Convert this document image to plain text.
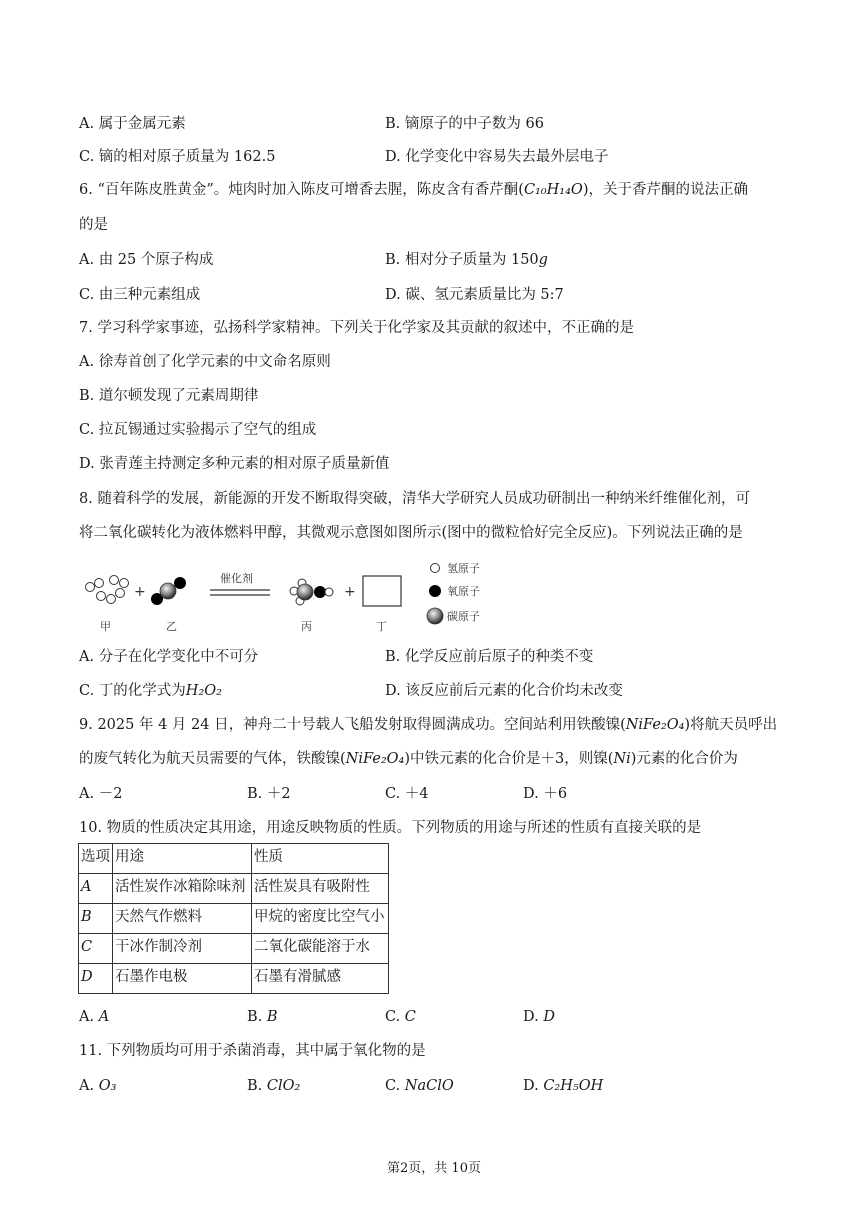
A. 属于金属元素	B. 镝原子的中子数为 66
C. 镝的相对原子质量为 162.5	D. 化学变化中容易失去最外层电子
6. “百年陈皮胜黄金”。炖肉时加入陈皮可增香去腥，陈皮含有香芹酮(C₁₀H₁₄O)，关于香芹酮的说法正确
的是
A. 由 25 个原子构成	B. 相对分子质量为 150g
C. 由三种元素组成	D. 碳、氢元素质量比为 5:7
7. 学习科学家事迹，弘扬科学家精神。下列关于化学家及其贡献的叙述中，不正确的是
A. 徐寿首创了化学元素的中文命名原则
B. 道尔顿发现了元素周期律
C. 拉瓦锡通过实验揭示了空气的组成
D. 张青莲主持测定多种元素的相对原子质量新值
8. 随着科学的发展，新能源的开发不断取得突破，清华大学研究人员成功研制出一种纳米纤维催化剂，可
将二氧化碳转化为液体燃料甲醇，其微观示意图如图所示(图中的微粒恰好完全反应)。下列说法正确的是
甲
+
乙
催化剂
丙
+
丁
氢原子
氧原子
碳原子
A. 分子在化学变化中不可分	B. 化学反应前后原子的种类不变
C. 丁的化学式为H₂O₂	D. 该反应前后元素的化合价均未改变
9. 2025 年 4 月 24 日，神舟二十号载人飞船发射取得圆满成功。空间站利用铁酸镍(NiFe₂O₄)将航天员呼出
的废气转化为航天员需要的气体，铁酸镍(NiFe₂O₄)中铁元素的化合价是＋3，则镍(Ni)元素的化合价为
A. －2	B. ＋2	C. ＋4	D. ＋6
10. 物质的性质决定其用途，用途反映物质的性质。下列物质的用途与所述的性质有直接关联的是
选项	用途	性质
A	活性炭作冰箱除味剂	活性炭具有吸附性
B	天然气作燃料	甲烷的密度比空气小
C	干冰作制冷剂	二氧化碳能溶于水
D	石墨作电极	石墨有滑腻感
A. A	B. B	C. C	D. D
11. 下列物质均可用于杀菌消毒，其中属于氧化物的是
A. O₃	B. ClO₂	C. NaClO	D. C₂H₅OH
第2页，共 10页
